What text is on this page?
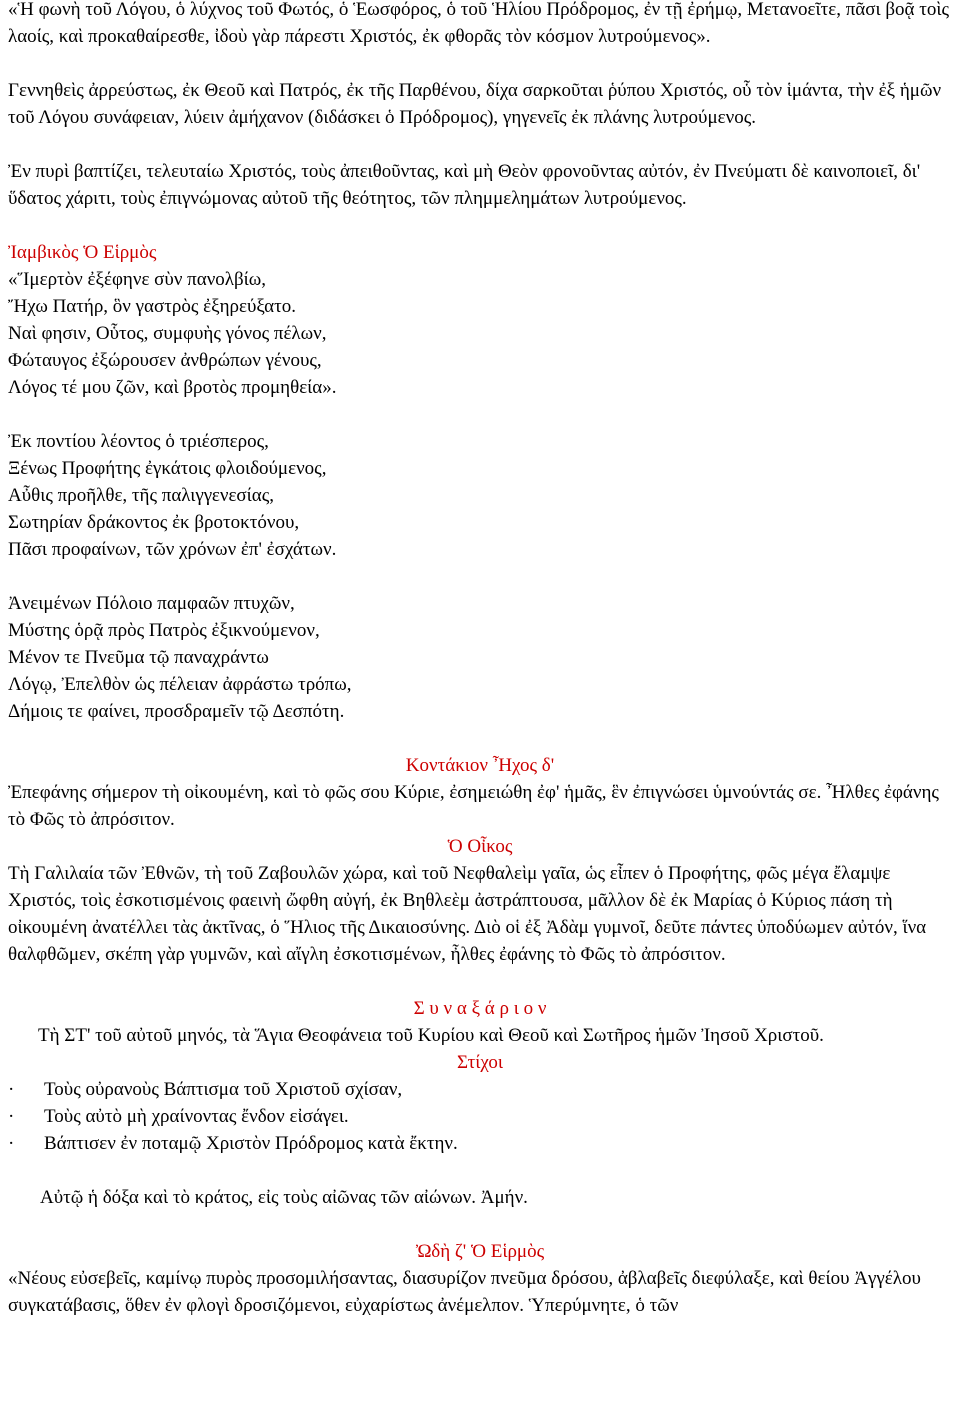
«Ἡ φωνὴ τοῦ Λόγου, ὁ λύχνος τοῦ Φωτός, ὁ Ἑωσφόρος, ὁ τοῦ Ἡλίου Πρόδρομος, ἐν τῇ ἐρήμῳ, Μετανοεῖτε, πᾶσι βοᾷ τοὶς λαοίς, καὶ προκαθαίρεσθε, ἰδοὺ γὰρ πάρεστι Χριστός, ἐκ φθορᾶς τὸν κόσμον λυτρούμενος».

Γεννηθεὶς ἀρρεύστως, ἐκ Θεοῦ καὶ Πατρός, ἐκ τῆς Παρθένου, δίχα σαρκοῦται ῥύπου Χριστός, οὗ τὸν ἱμάντα, τὴν ἐξ ἡμῶν τοῦ Λόγου συνάφειαν, λύειν ἀμήχανον (διδάσκει ὁ Πρόδρομος), γηγενεῖς ἐκ πλάνης λυτρούμενος.

Ἐν πυρὶ βαπτίζει, τελευταίω Χριστός, τοὺς ἀπειθοῦντας, καὶ μὴ Θεὸν φρονοῦντας αὐτόν, ἐν Πνεύματι δὲ καινοποιεῖ, δι' ὕδατος χάριτι, τοὺς ἐπιγνώμονας αὐτοῦ τῆς θεότητος, τῶν πλημμελημάτων λυτρούμενος.

Ἰαμβικὸς Ὁ Εἱρμὸς
«Ἵμερτὸν ἐξέφηνε σὺν πανολβίω,
Ἤχω Πατήρ, ὃν γαστρὸς ἐξηρεύξατο.
Ναὶ φησιν, Οὗτος, συμφυὴς γόνος πέλων,
Φώταυγος ἐξώρουσεν ἀνθρώπων γένους,
Λόγος τέ μου ζῶν, καὶ βροτὸς προμηθεία».
Ἐκ ποντίου λέοντος ὁ τριέσπερος,
Ξένως Προφήτης ἐγκάτοις φλοιδούμενος,
Αὖθις προῆλθε, τῆς παλιγγενεσίας,
Σωτηρίαν δράκοντος ἐκ βροτοκτόνου,
Πᾶσι προφαίνων, τῶν χρόνων ἐπ' ἐσχάτων.
Ἀνειμένων Πόλοιο παμφαῶν πτυχῶν,
Μύστης ὁρᾷ πρὸς Πατρὸς ἐξικνούμενον,
Μένον τε Πνεῦμα τῷ παναχράντω
Λόγῳ, Ἐπελθὸν ὡς πέλειαν ἀφράστω τρόπω,
Δήμοις τε φαίνει, προσδραμεῖν τῷ Δεσπότη.
Κοντάκιον Ἦχος δ'

Ἐπεφάνης σήμερον τὴ οἰκουμένη, καὶ τὸ φῶς σου Κύριε, ἐσημειώθη ἐφ' ἡμᾶς, ἓν ἐπιγνώσει ὑμνούντάς σε. Ἦλθες ἐφάνης τὸ Φῶς τὸ ἀπρόσιτον.

Ὁ Οἶκος

Τὴ Γαλιλαία τῶν Ἐθνῶν, τὴ τοῦ Ζαβουλῶν χώρα, καὶ τοῦ Νεφθαλεὶμ γαῖα, ὡς εἶπεν ὁ Προφήτης, φῶς μέγα ἔλαμψε Χριστός, τοὶς ἐσκοτισμένοις φαεινὴ ὤφθη αὐγή, ἐκ Βηθλεὲμ ἀστράπτουσα, μᾶλλον δὲ ἐκ Μαρίας ὁ Κύριος πάση τὴ οἰκουμένη ἀνατέλλει τὰς ἀκτῖνας, ὁ Ἥλιος τῆς Δικαιοσύνης. Διὸ οἱ ἐξ Ἀδὰμ γυμνοῖ, δεῦτε πάντες ὑποδύωμεν αὐτόν, ἵνα θαλφθῶμεν, σκέπη γὰρ γυμνῶν, καὶ αἴγλη ἐσκοτισμένων, ἦλθες ἐφάνης τὸ Φῶς τὸ ἀπρόσιτον.

Σ υ ν α ξ ά ρ ι ο ν

Τὴ ΣΤ' τοῦ αὐτοῦ μηνός, τὰ Ἅγια Θεοφάνεια τοῦ Κυρίου καὶ Θεοῦ καὶ Σωτῆρος ἡμῶν Ἰησοῦ Χριστοῦ.

Στίχοι
· Τοὺς οὐρανοὺς Βάπτισμα τοῦ Χριστοῦ σχίσαν,
· Τοὺς αὐτὸ μὴ χραίνοντας ἔνδον εἰσάγει.
· Βάπτισεν ἐν ποταμῷ Χριστὸν Πρόδρομος κατὰ ἔκτην.

Αὐτῷ ἡ δόξα καὶ τὸ κράτος, εἰς τοὺς αἰῶνας τῶν αἰώνων. Ἀμήν.

Ὠδὴ ζ' Ὁ Εἱρμὸς

«Νέους εὐσεβεῖς, καμίνῳ πυρὸς προσομιλήσαντας, διασυρίζον πνεῦμα δρόσου, ἀβλαβεῖς διεφύλαξε, καὶ θείου Ἀγγέλου συγκατάβασις, ὅθεν ἐν φλογὶ δροσιζόμενοι, εὐχαρίστως ἀνέμελπον. Ὑπερύμνητε, ὁ τῶν
